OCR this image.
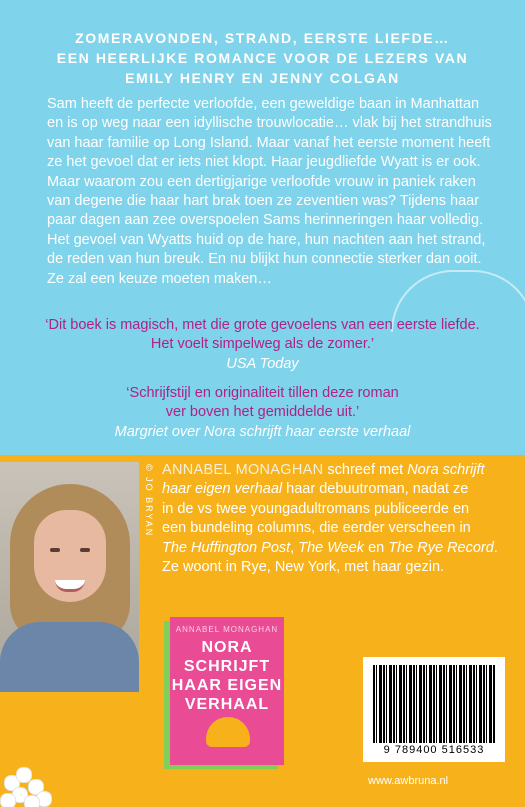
ZOMERAVONDEN, STRAND, EERSTE LIEFDE…
EEN HEERLIJKE ROMANCE VOOR DE LEZERS VAN
EMILY HENRY EN JENNY COLGAN
Sam heeft de perfecte verloofde, een geweldige baan in Manhattan
en is op weg naar een idyllische trouwlocatie… vlak bij het strandhuis
van haar familie op Long Island. Maar vanaf het eerste moment heeft
ze het gevoel dat er iets niet klopt. Haar jeugdliefde Wyatt is er ook.
Maar waarom zou een dertigjarige verloofde vrouw in paniek raken
van degene die haar hart brak toen ze zeventien was? Tijdens haar
paar dagen aan zee overspoelen Sams herinneringen haar volledig.
Het gevoel van Wyatts huid op de hare, hun nachten aan het strand,
de reden van hun breuk. En nu blijkt hun connectie sterker dan ooit.
Ze zal een keuze moeten maken…
‘Dit boek is magisch, met die grote gevoelens van een eerste liefde.
Het voelt simpelweg als de zomer.’
USA Today
‘Schrijfstijl en originaliteit tillen deze roman
ver boven het gemiddelde uit.’
Margriet over Nora schrijft haar eerste verhaal
© JO BRYAN ANNABEL MONAGHAN schreef met Nora schrijft
haar eigen verhaal haar debuutroman, nadat ze
in de vs twee youngadultromans publiceerde en
een bundeling columns, die eerder verscheen in
The Huffington Post, The Week en The Rye Record.
Ze woont in Rye, New York, met haar gezin.
ANNABEL MONAGHAN
NORA
SCHRIJFT
HAAR EIGEN
VERHAAL
9 789400 516533
www.awbruna.nl
